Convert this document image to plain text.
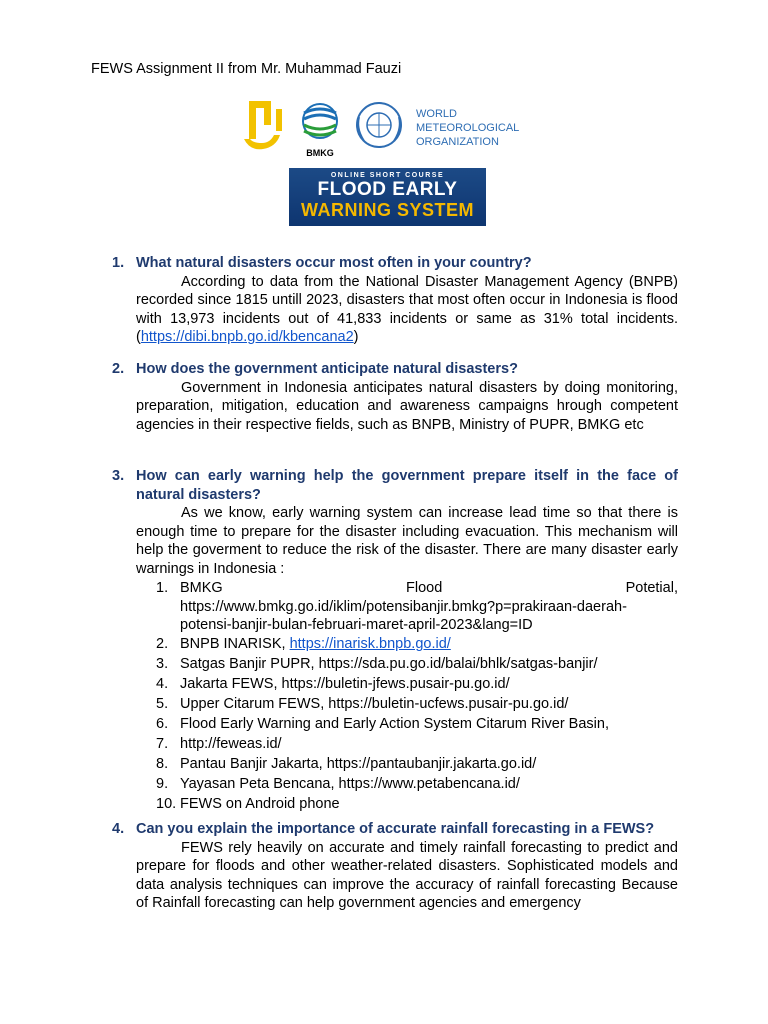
FEWS Assignment II from Mr. Muhammad Fauzi
BMKG
WORLD
METEOROLOGICAL
ORGANIZATION
ONLINE SHORT COURSE
FLOOD EARLY
WARNING SYSTEM
1. What natural disasters occur most often in your country?
According to data from the National Disaster Management Agency (BNPB) recorded since 1815 untill 2023, disasters that most often occur in Indonesia is flood with 13,973 incidents out of 41,833 incidents or same as 31% total incidents. (https://dibi.bnpb.go.id/kbencana2)
2. How does the government anticipate natural disasters?
Government in Indonesia anticipates natural disasters by doing monitoring, preparation, mitigation, education and awareness campaigns hrough competent agencies in their respective fields, such as BNPB, Ministry of PUPR, BMKG etc
3. How can early warning help the government prepare itself in the face of natural disasters?
As we know, early warning system can increase lead time so that there is enough time to prepare for the disaster including evacuation. This mechanism will help the goverment to reduce the risk of the disaster. There are many disaster early warnings in Indonesia :
1. BMKG	Flood	Potetial,
https://www.bmkg.go.id/iklim/potensibanjir.bmkg?p=prakiraan-daerah-potensi-banjir-bulan-februari-maret-april-2023&lang=ID
2. BNPB INARISK, https://inarisk.bnpb.go.id/
3. Satgas Banjir PUPR, https://sda.pu.go.id/balai/bhlk/satgas-banjir/
4. Jakarta FEWS, https://buletin-jfews.pusair-pu.go.id/
5. Upper Citarum FEWS, https://buletin-ucfews.pusair-pu.go.id/
6. Flood Early Warning and Early Action System Citarum River Basin,
7. http://feweas.id/
8. Pantau Banjir Jakarta, https://pantaubanjir.jakarta.go.id/
9. Yayasan Peta Bencana, https://www.petabencana.id/
10. FEWS on Android phone
4. Can you explain the importance of accurate rainfall forecasting in a FEWS?
FEWS rely heavily on accurate and timely rainfall forecasting to predict and prepare for floods and other weather-related disasters. Sophisticated models and data analysis techniques can improve the accuracy of rainfall forecasting Because of Rainfall forecasting can help government agencies and emergency
